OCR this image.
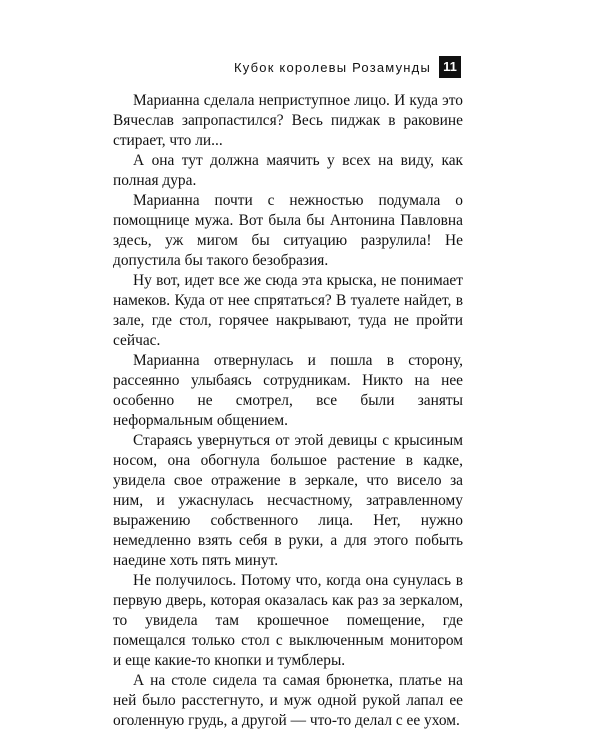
Кубок королевы Розамунды 11

Марианна сделала неприступное лицо. И куда это Вячеслав запропастился? Весь пиджак в раковине стирает, что ли...

А она тут должна маячить у всех на виду, как полная дура.

Марианна почти с нежностью подумала о помощнице мужа. Вот была бы Антонина Павловна здесь, уж мигом бы ситуацию разрулила! Не допустила бы такого безобразия.

Ну вот, идет все же сюда эта крыска, не понимает намеков. Куда от нее спрятаться? В туалете найдет, в зале, где стол, горячее накрывают, туда не пройти сейчас.

Марианна отвернулась и пошла в сторону, рассеянно улыбаясь сотрудникам. Никто на нее особенно не смотрел, все были заняты неформальным общением.

Стараясь увернуться от этой девицы с крысиным носом, она обогнула большое растение в кадке, увидела свое отражение в зеркале, что висело за ним, и ужаснулась несчастному, затравленному выражению собственного лица. Нет, нужно немедленно взять себя в руки, а для этого побыть наедине хоть пять минут.

Не получилось. Потому что, когда она сунулась в первую дверь, которая оказалась как раз за зеркалом, то увидела там крошечное помещение, где помещался только стол с выключенным монитором и еще какие-то кнопки и тумблеры.

А на столе сидела та самая брюнетка, платье на ней было расстегнуто, и муж одной рукой лапал ее оголенную грудь, а другой — что-то делал с ее ухом.
